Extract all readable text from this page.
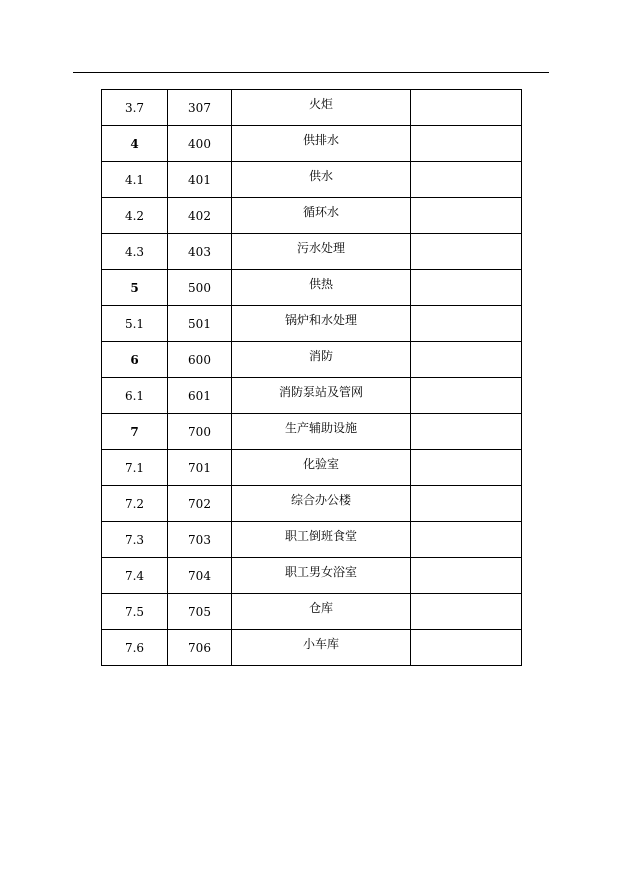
3.7	307	火炬	
4	400	供排水	
4.1	401	供水	
4.2	402	循环水	
4.3	403	污水处理	
5	500	供热	
5.1	501	锅炉和水处理	
6	600	消防	
6.1	601	消防泵站及管网	
7	700	生产辅助设施	
7.1	701	化验室	
7.2	702	综合办公楼	
7.3	703	职工倒班食堂	
7.4	704	职工男女浴室	
7.5	705	仓库	
7.6	706	小车库	
